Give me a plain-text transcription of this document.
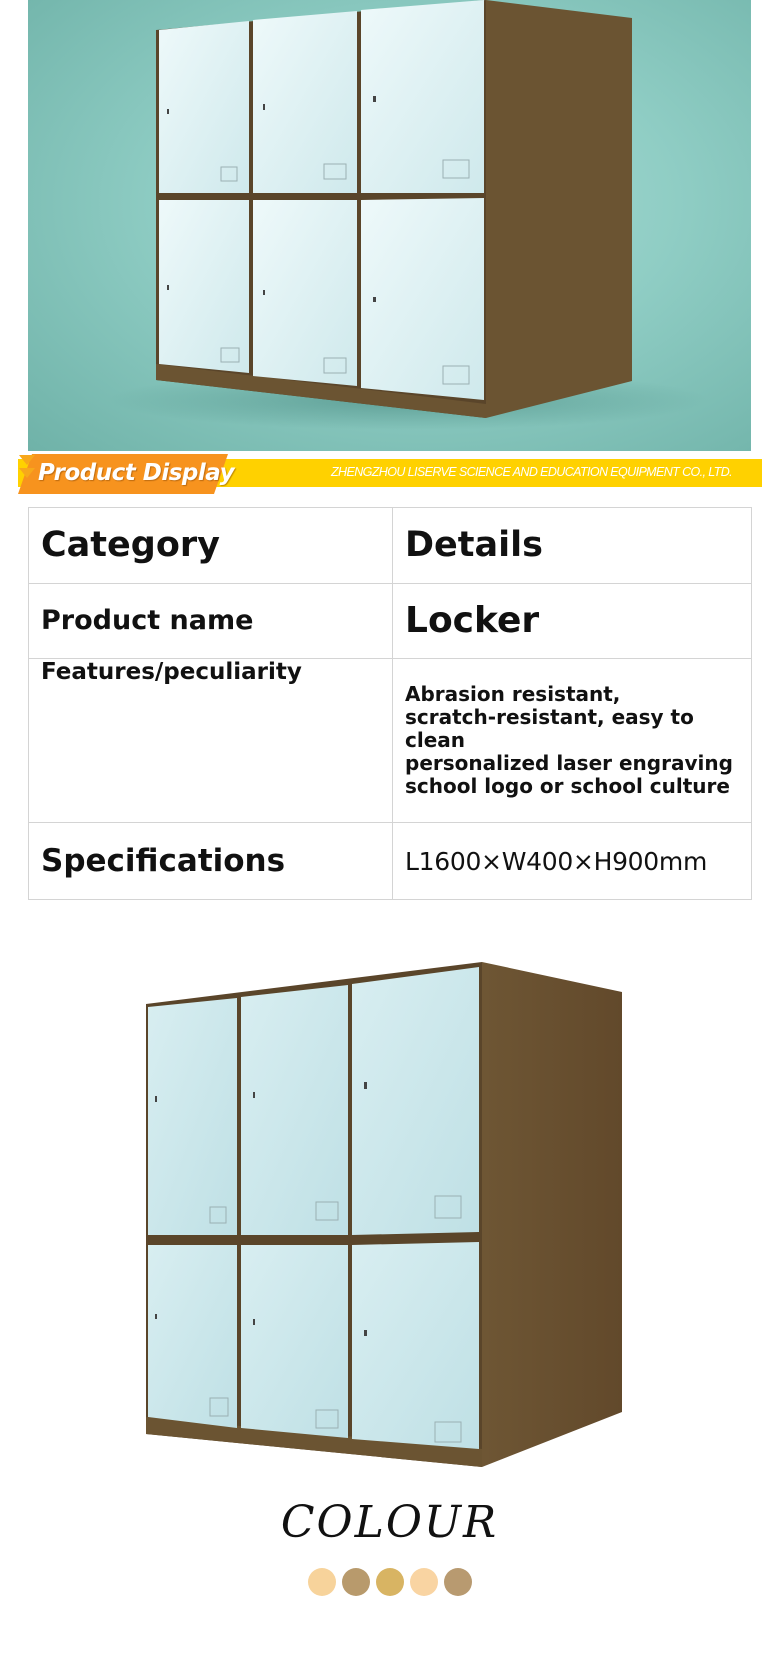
Product Display	ZHENGZHOU LISERVE SCIENCE AND EDUCATION EQUIPMENT CO., LTD.
Category	Details
Product name	Locker
Features/peculiarity	Abrasion resistant,
scratch-resistant, easy to clean
personalized laser engraving
school logo or school culture

Specifications	L1600×W400×H900mm
COLOUR
